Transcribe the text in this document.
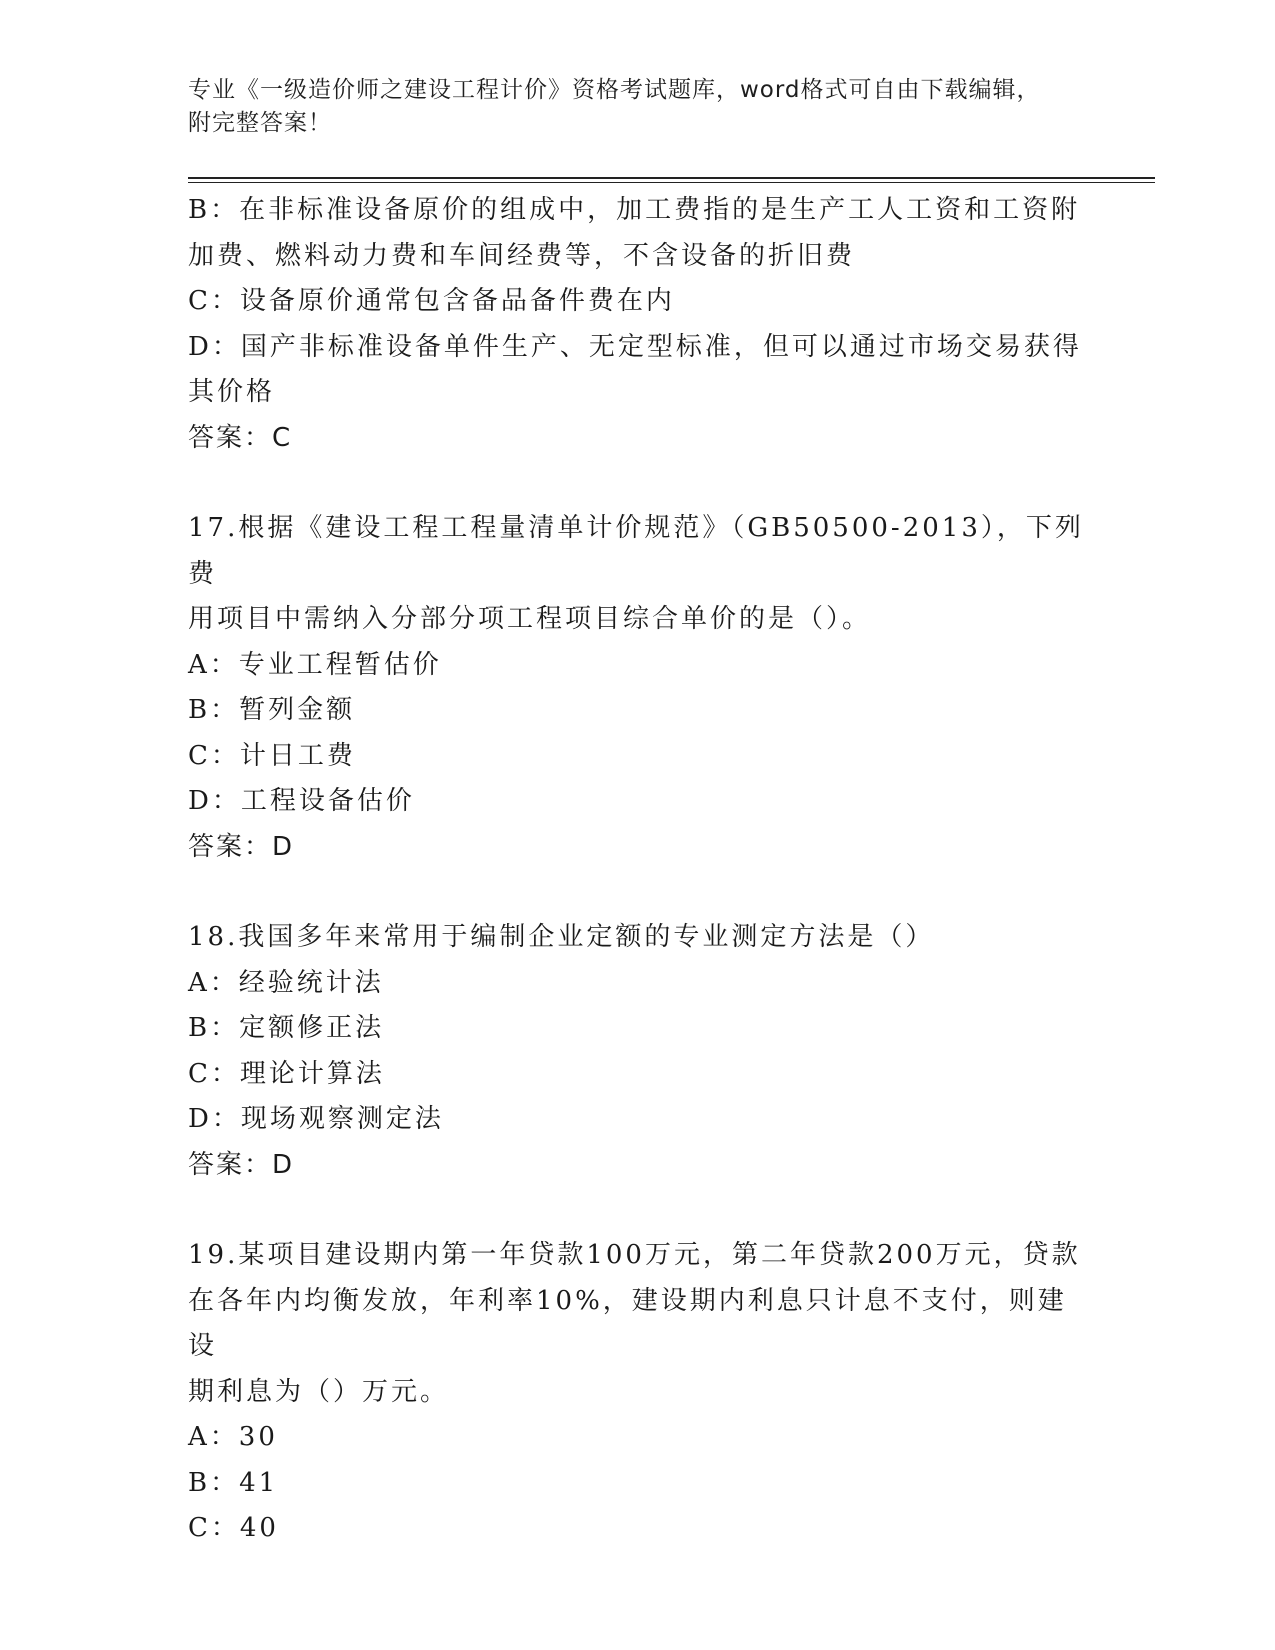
专业《一级造价师之建设工程计价》资格考试题库，word格式可自由下载编辑，
附完整答案！

B：在非标准设备原价的组成中，加工费指的是生产工人工资和工资附

加费、燃料动力费和车间经费等，不含设备的折旧费

C：设备原价通常包含备品备件费在内

D：国产非标准设备单件生产、无定型标准，但可以通过市场交易获得

其价格

答案：C

17.根据《建设工程工程量清单计价规范》（GB50500-2013），下列费

用项目中需纳入分部分项工程项目综合单价的是（）。

A：专业工程暂估价

B：暂列金额

C：计日工费

D：工程设备估价

答案：D

18.我国多年来常用于编制企业定额的专业测定方法是（）

A：经验统计法

B：定额修正法

C：理论计算法

D：现场观察测定法

答案：D

19.某项目建设期内第一年贷款100万元，第二年贷款200万元，贷款

在各年内均衡发放，年利率10%，建设期内利息只计息不支付，则建设

期利息为（）万元。

A：30

B：41

C：40
